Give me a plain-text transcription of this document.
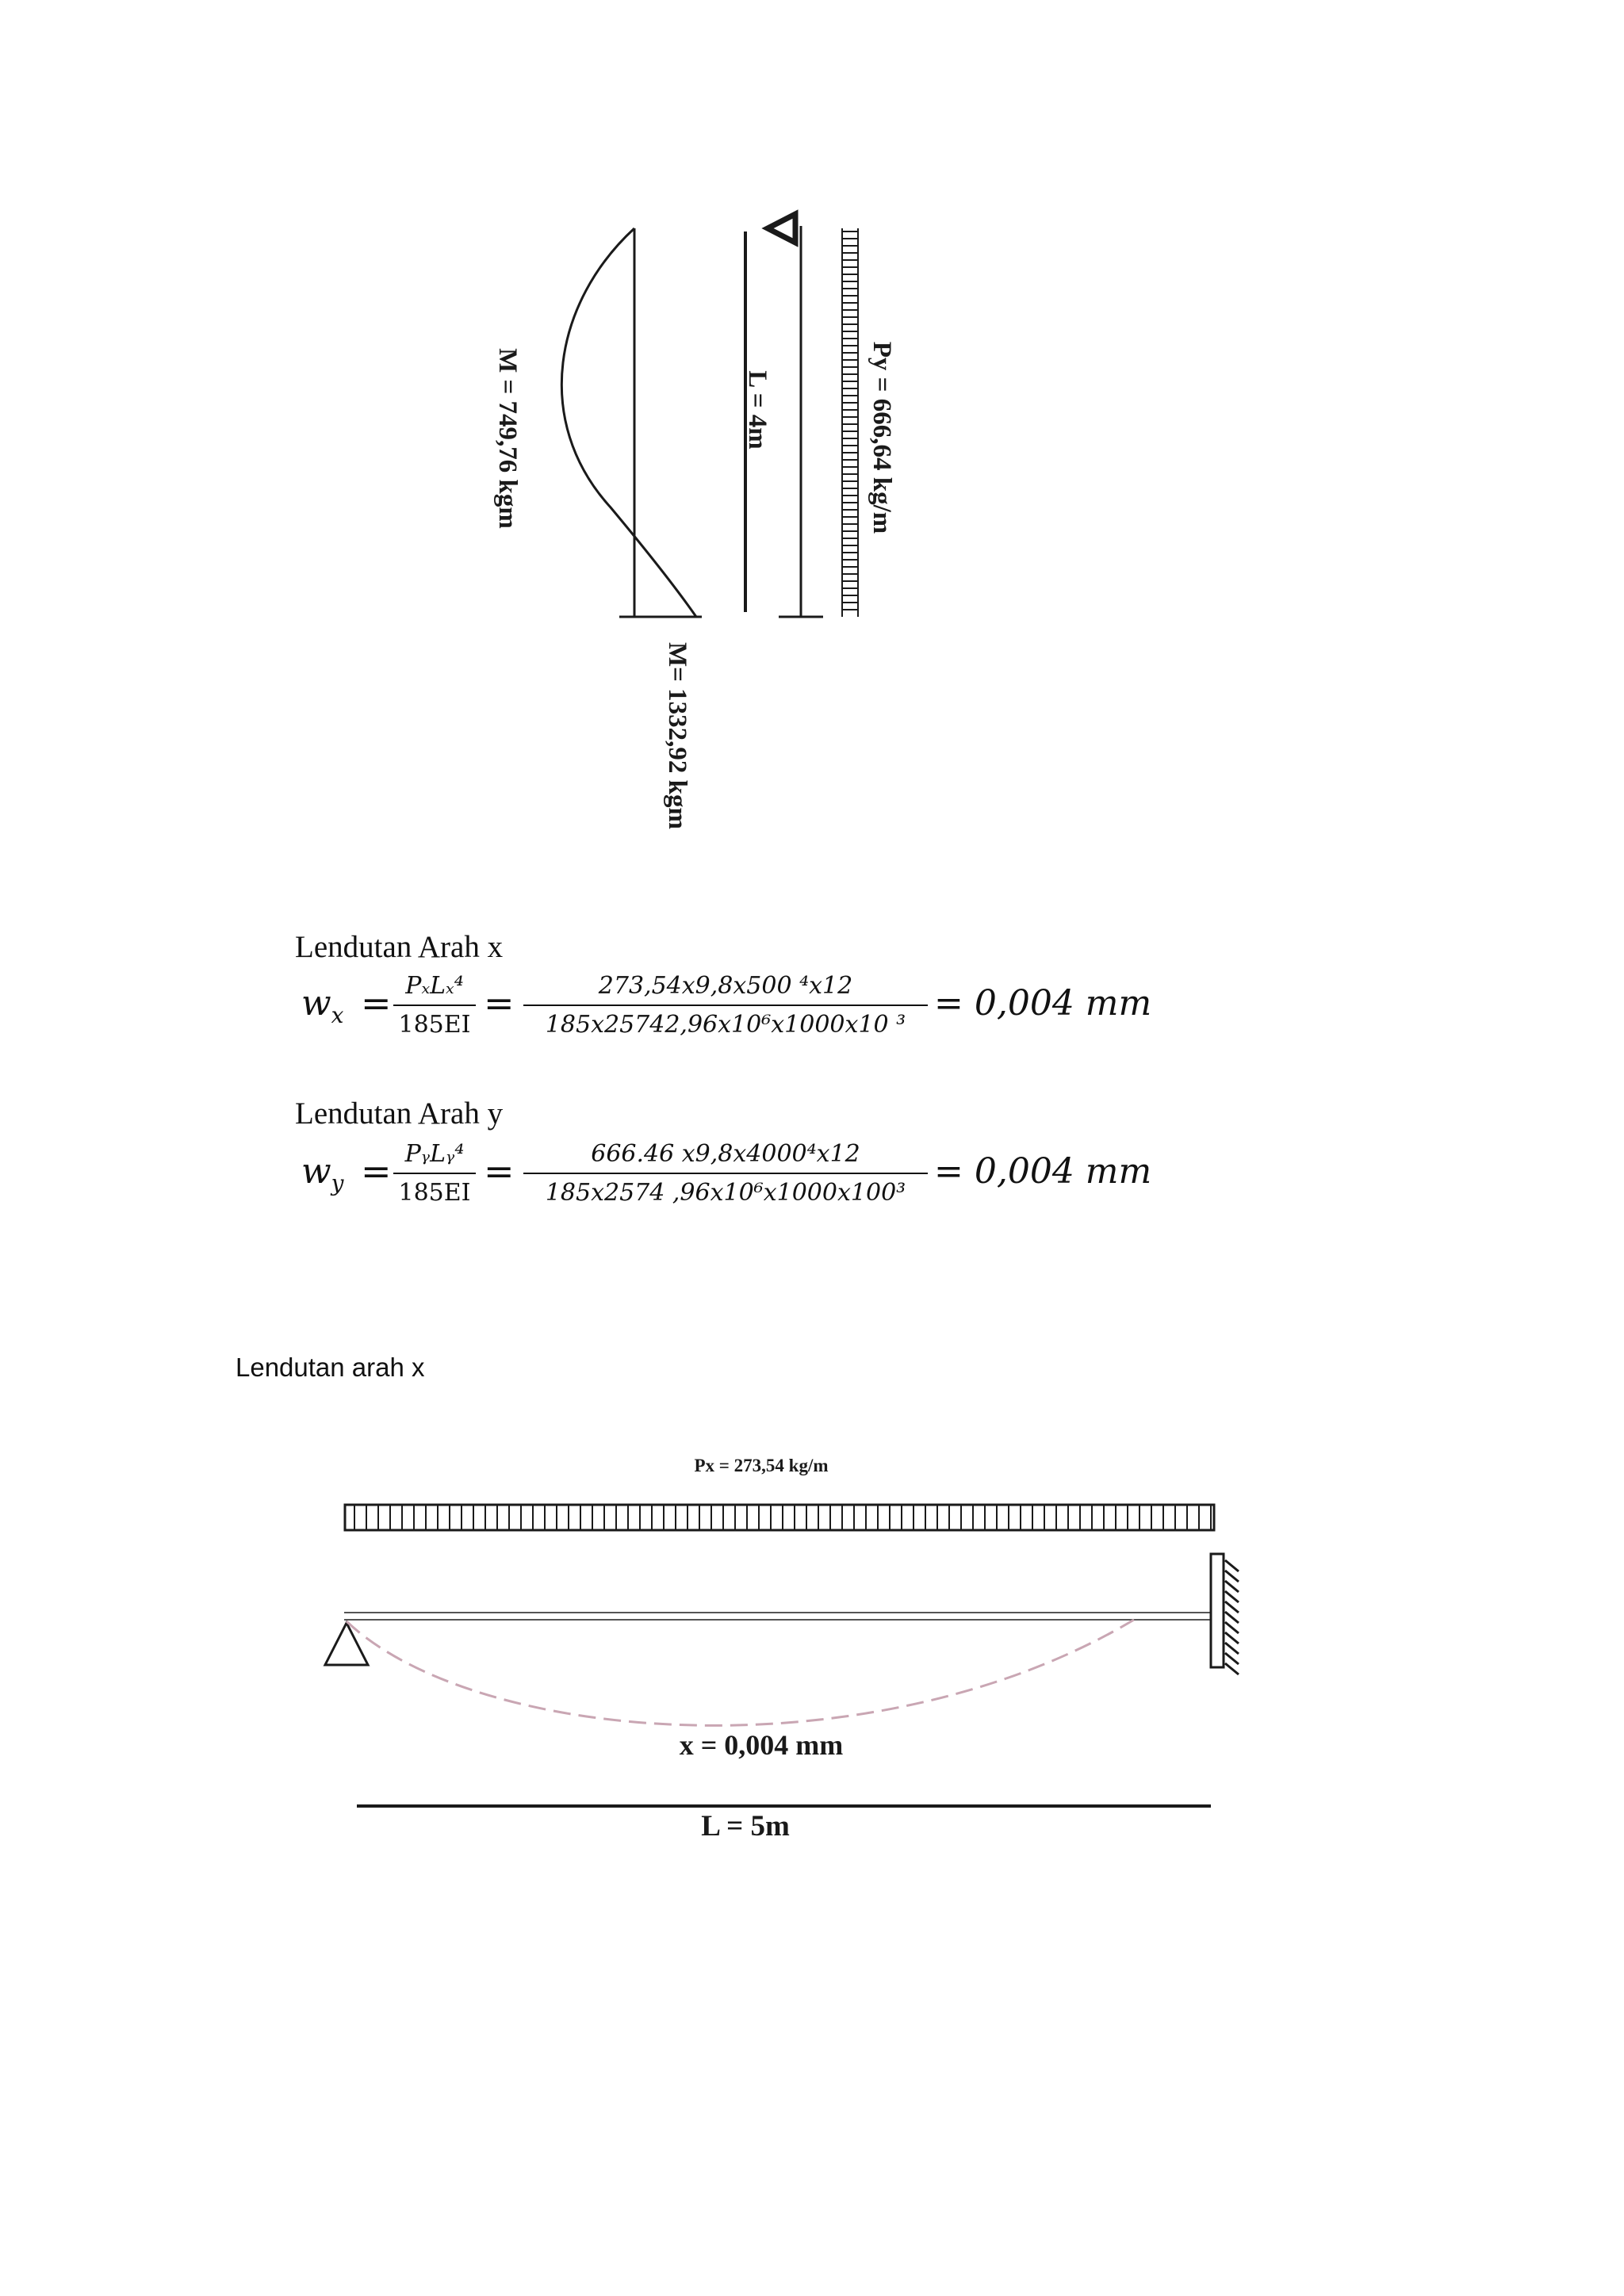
M = 749,76 kgm
M= 1332,92 kgm
L = 4m	Py = 666,64 kg/m
Lendutan Arah x
$w_x = P_xL_x^4$
185EI
=	273,54x9,8x500 ⁴x12
185x25742,96x10⁶x1000x10 ³
= 0,004 mm
Lendutan Arah y
$w_y$ = PᵧLᵧ⁴
185EI
=	666.46 x9,8x4000⁴x12
185x2574 ,96x10⁶x1000x100³
= 0,004 mm
Lendutan arah x
Px = 273,54 kg/m
x = 0,004 mm
L = 5m
